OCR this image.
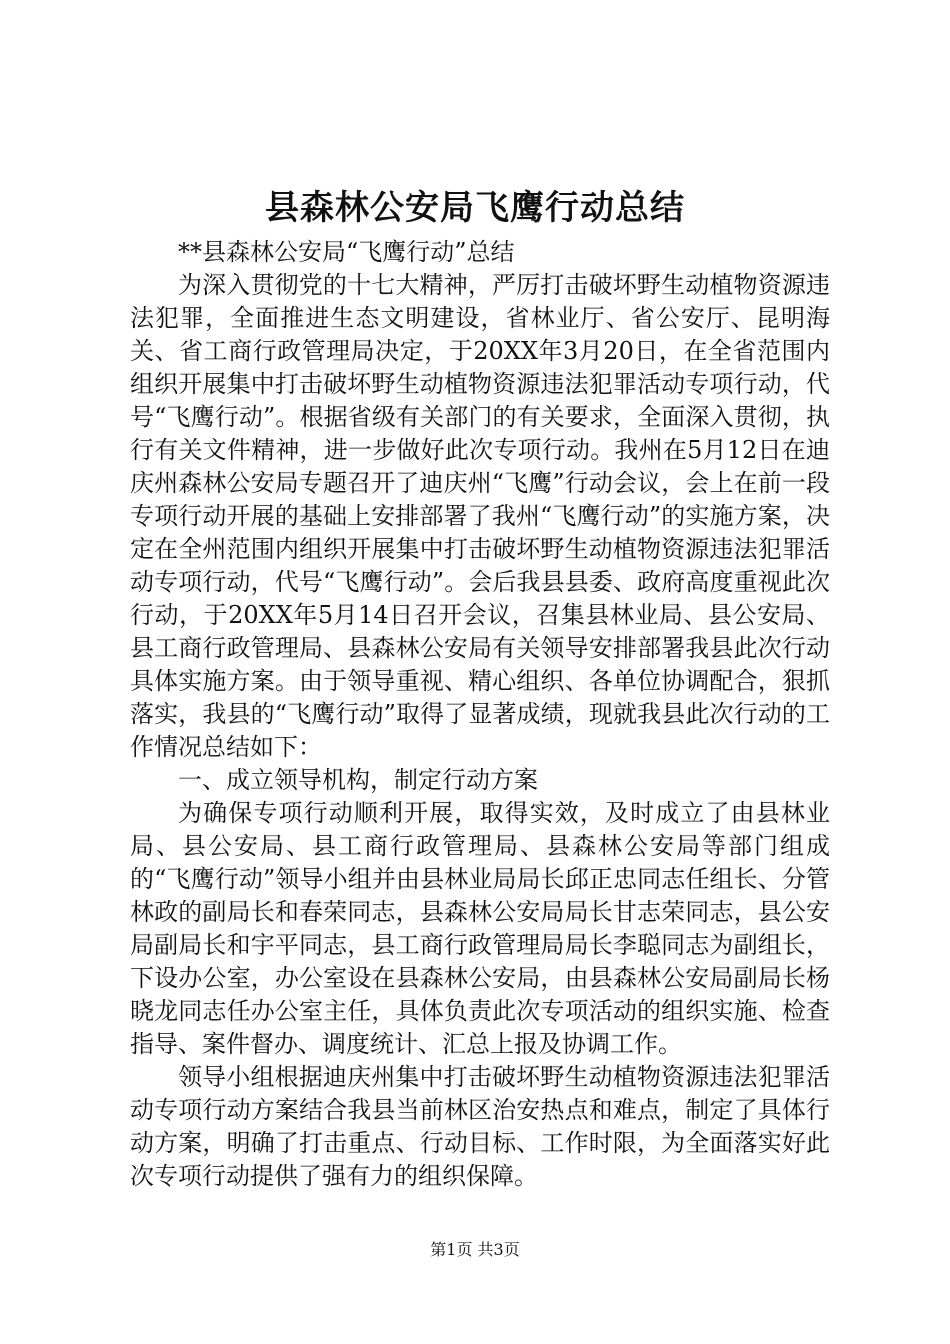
县森林公安局飞鹰行动总结

**县森林公安局“飞鹰行动”总结

为深入贯彻党的十七大精神，严厉打击破坏野生动植物资源违法犯罪，全面推进生态文明建设，省林业厅、省公安厅、昆明海关、省工商行政管理局决定，于20XX年3月20日，在全省范围内组织开展集中打击破坏野生动植物资源违法犯罪活动专项行动，代号“飞鹰行动”。根据省级有关部门的有关要求，全面深入贯彻，执行有关文件精神，进一步做好此次专项行动。我州在5月12日在迪庆州森林公安局专题召开了迪庆州“飞鹰”行动会议，会上在前一段专项行动开展的基础上安排部署了我州“飞鹰行动”的实施方案，决定在全州范围内组织开展集中打击破坏野生动植物资源违法犯罪活动专项行动，代号“飞鹰行动”。会后我县县委、政府高度重视此次行动，于20XX年5月14日召开会议，召集县林业局、县公安局、县工商行政管理局、县森林公安局有关领导安排部署我县此次行动具体实施方案。由于领导重视、精心组织、各单位协调配合，狠抓落实，我县的“飞鹰行动”取得了显著成绩，现就我县此次行动的工作情况总结如下：

一、成立领导机构，制定行动方案

为确保专项行动顺利开展，取得实效，及时成立了由县林业局、县公安局、县工商行政管理局、县森林公安局等部门组成的“飞鹰行动”领导小组并由县林业局局长邱正忠同志任组长、分管林政的副局长和春荣同志，县森林公安局局长甘志荣同志，县公安局副局长和宇平同志，县工商行政管理局局长李聪同志为副组长，下设办公室，办公室设在县森林公安局，由县森林公安局副局长杨晓龙同志任办公室主任，具体负责此次专项活动的组织实施、检查指导、案件督办、调度统计、汇总上报及协调工作。

领导小组根据迪庆州集中打击破坏野生动植物资源违法犯罪活动专项行动方案结合我县当前林区治安热点和难点，制定了具体行动方案，明确了打击重点、行动目标、工作时限，为全面落实好此次专项行动提供了强有力的组织保障。

第1页 共3页
